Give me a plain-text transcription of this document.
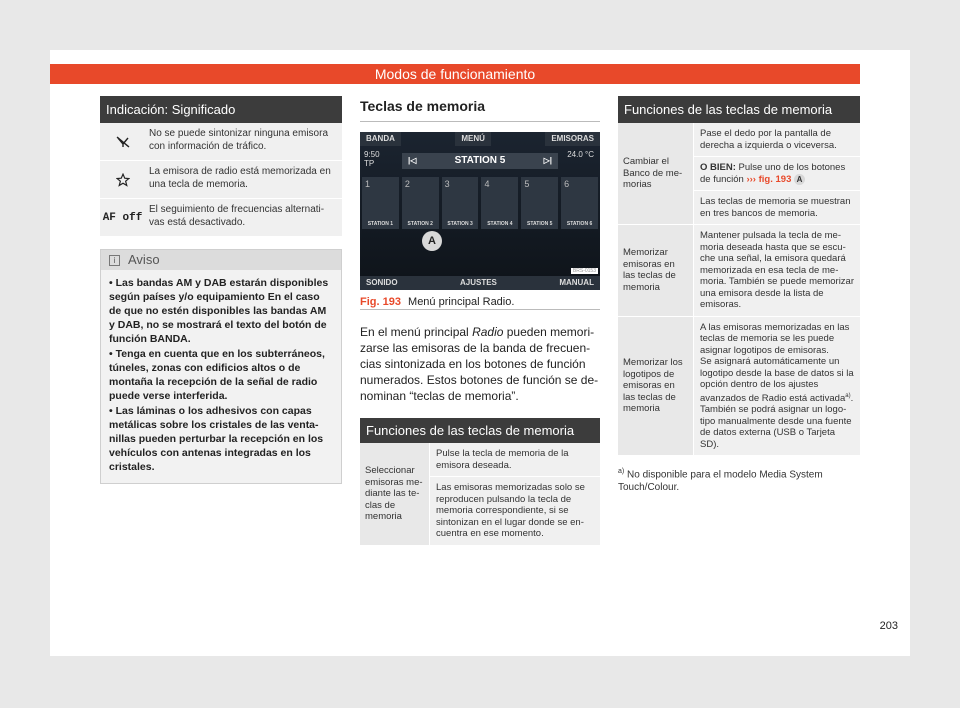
Modos de funcionamiento
Indicación: Significado
No se puede sintonizar ninguna emisora con información de tráfico.
La emisora de radio está memorizada en una tecla de memoria.
AF off
El seguimiento de frecuencias alternativas está desactivado.
i Aviso

• Las bandas AM y DAB estarán disponibles según países y/o equipamiento En el caso de que no estén disponibles las bandas AM y DAB, no se mostrará el texto del botón de función BANDA.

• Tenga en cuenta que en los subterráneos, túneles, zonas con edificios altos o de montaña la recepción de la señal de radio puede verse interferida.

• Las láminas o los adhesivos con capas metálicas sobre los cristales de las ventanillas pueden perturbar la recepción en los vehículos con antenas integradas en los cristales.

Teclas de memoria
BANDA	MENÚ	EMISORAS
9:50
TP	|◁	STATION 5	▷|
24.0 °C
1
STATION 1
2
STATION 2
3
STATION 3
4
STATION 4
5
STATION 5
6
STATION 6
A
BRS-0153
SONIDO	AJUSTES	MANUAL
Fig. 193 Menú principal Radio.
En el menú principal Radio pueden memorizarse las emisoras de la banda de frecuencias sintonizada en los botones de función numerados. Estos botones de función se denominan “teclas de memoria”.
Funciones de las teclas de memoria
Seleccionar emisoras mediante las teclas de memoria
Pulse la tecla de memoria de la emisora deseada.
Las emisoras memorizadas solo se reproducen pulsando la tecla de memoria correspondiente, si se sintonizan en el lugar donde se encuentra en ese momento.
Funciones de las teclas de memoria
Cambiar el Banco de memorias
Pase el dedo por la pantalla de derecha a izquierda o viceversa.
O BIEN: Pulse uno de los botones de función ››› fig. 193 A
Las teclas de memoria se muestran en tres bancos de memoria.
Memorizar emisoras en las teclas de memoria
Mantener pulsada la tecla de memoria deseada hasta que se escuche una señal, la emisora quedará memorizada en esa tecla de memoria. También se puede memorizar una emisora desde la lista de emisoras.
Memorizar los logotipos de emisoras en las teclas de memoria
A las emisoras memorizadas en las teclas de memoria se les puede asignar logotipos de emisoras.
Se asignará automáticamente un logotipo desde la base de datos si la opción dentro de los ajustes avanzados de Radio está activada$^{a)}$.
También se podrá asignar un logotipo manualmente desde una fuente de datos externa (USB o Tarjeta SD).
$^{a)}$ No disponible para el modelo Media System Touch/Colour.
203
